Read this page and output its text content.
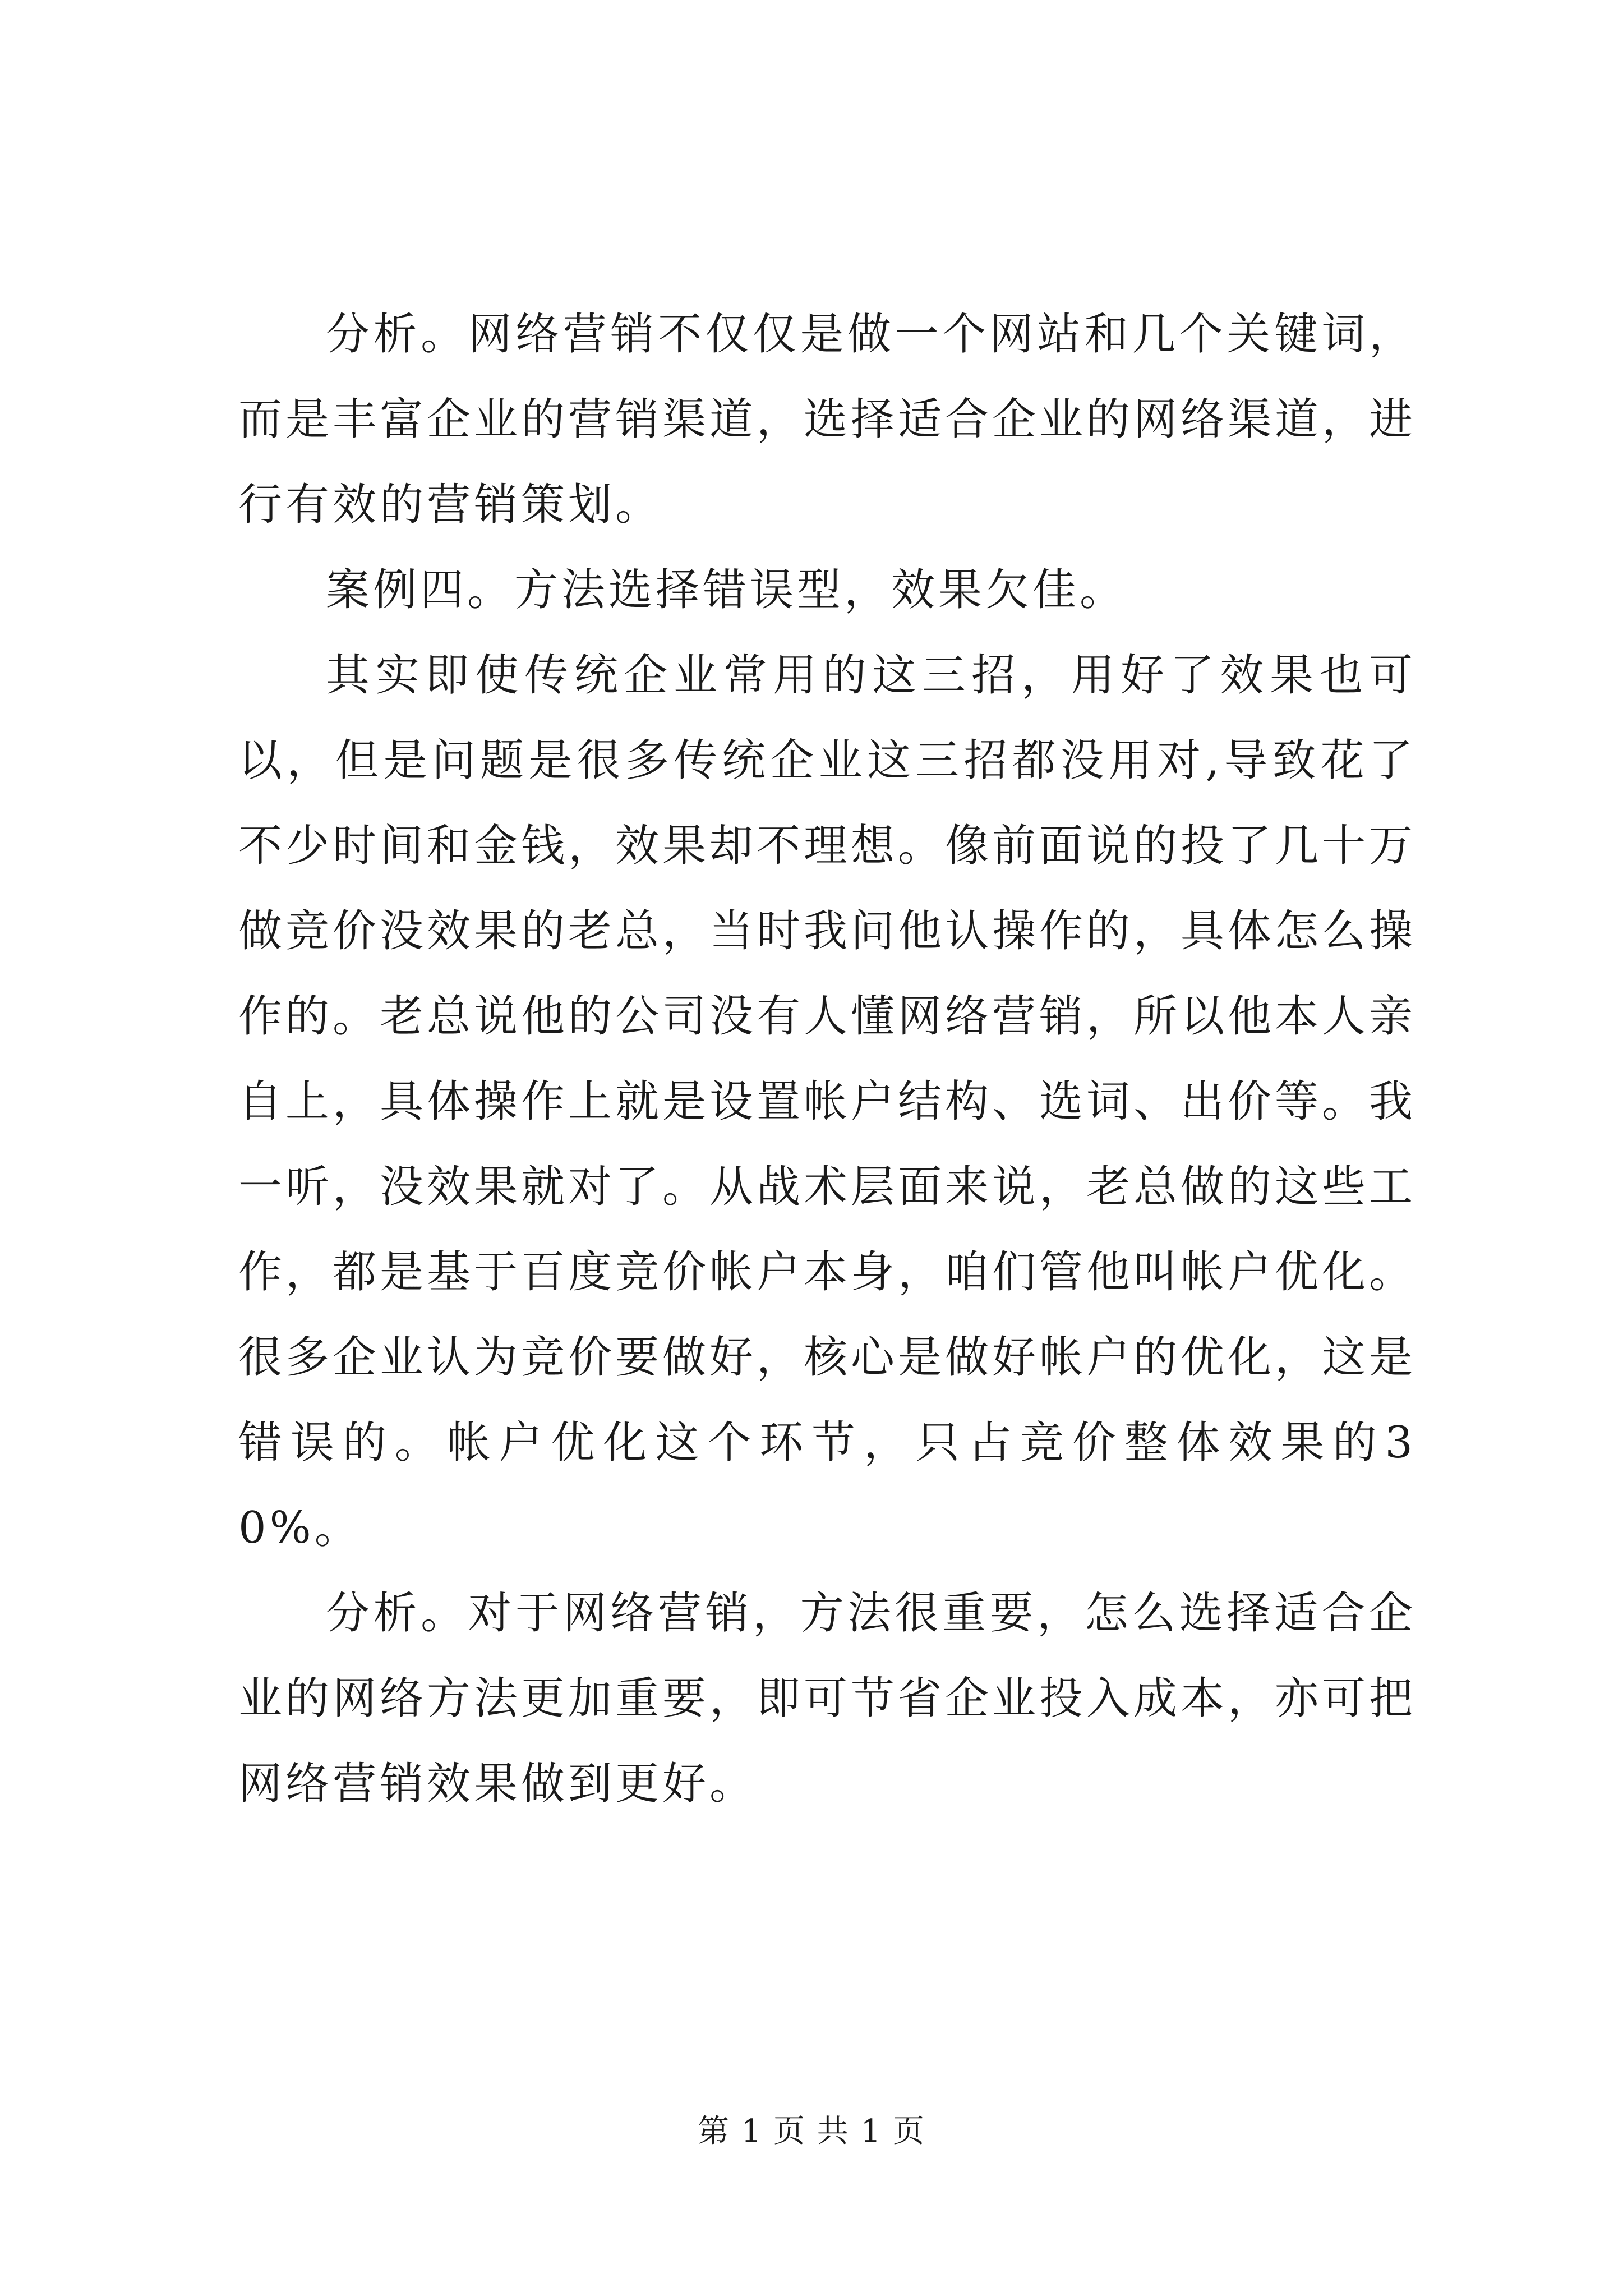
分析。网络营销不仅仅是做一个网站和几个关键词，而是丰富企业的营销渠道，选择适合企业的网络渠道，进行有效的营销策划。

案例四。方法选择错误型，效果欠佳。

其实即使传统企业常用的这三招，用好了效果也可以，但是问题是很多传统企业这三招都没用对,导致花了不少时间和金钱，效果却不理想。像前面说的投了几十万做竞价没效果的老总，当时我问他认操作的，具体怎么操作的。老总说他的公司没有人懂网络营销，所以他本人亲自上，具体操作上就是设置帐户结构、选词、出价等。我一听，没效果就对了。从战术层面来说，老总做的这些工作，都是基于百度竞价帐户本身，咱们管他叫帐户优化。很多企业认为竞价要做好，核心是做好帐户的优化，这是错误的。帐户优化这个环节，只占竞价整体效果的30%。

分析。对于网络营销，方法很重要，怎么选择适合企业的网络方法更加重要，即可节省企业投入成本，亦可把网络营销效果做到更好。

第 1 页 共 1 页
